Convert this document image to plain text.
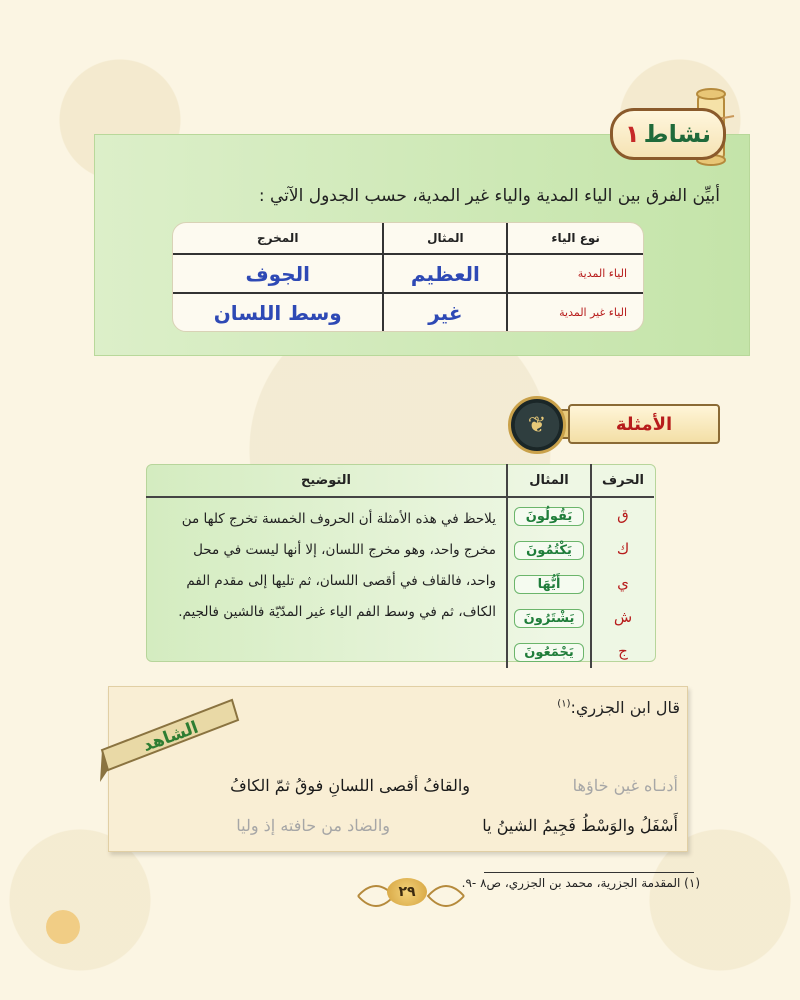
نشاط
١
أبيِّن الفرق بين الياء المدية والياء غير المدية، حسب الجدول الآتي :
نوع الياء	المثال	المخرج
الياء المدية	العظيم	الجوف
الياء غير المدية	غير	وسط اللسان
الأمثلة
❦
الحرف	المثال	التوضيح
ق	يَقُولُونَ	يلاحظ في هذه الأمثلة أن الحروف الخمسة تخرج كلها من مخرج واحد، وهو مخرج اللسان، إلا أنها ليست في محل واحد، فالقاف في أقصى اللسان، ثم تليها إلى مقدم الفم الكاف، ثم في وسط الفم الياء غير المدّيّة فالشين فالجيم.
ك	يَكْتُمُونَ	
ي	أَيُّهَا	
ش	يَشْتَرُونَ	
ج	يَجْمَعُونَ	
الشاهد
قال ابن الجزري:$^{(١)}$
أدنـاه غين خاؤها
والقافُ أقصى اللسانِ فوقُ ثمّ الكافُ
أَسْفَلُ والوَسْطُ فَجِيمُ الشينُ يا
والضاد من حافته إذ وليا
(١) المقدمة الجزرية، محمد بن الجزري، ص٨ -٩.
٢٩
